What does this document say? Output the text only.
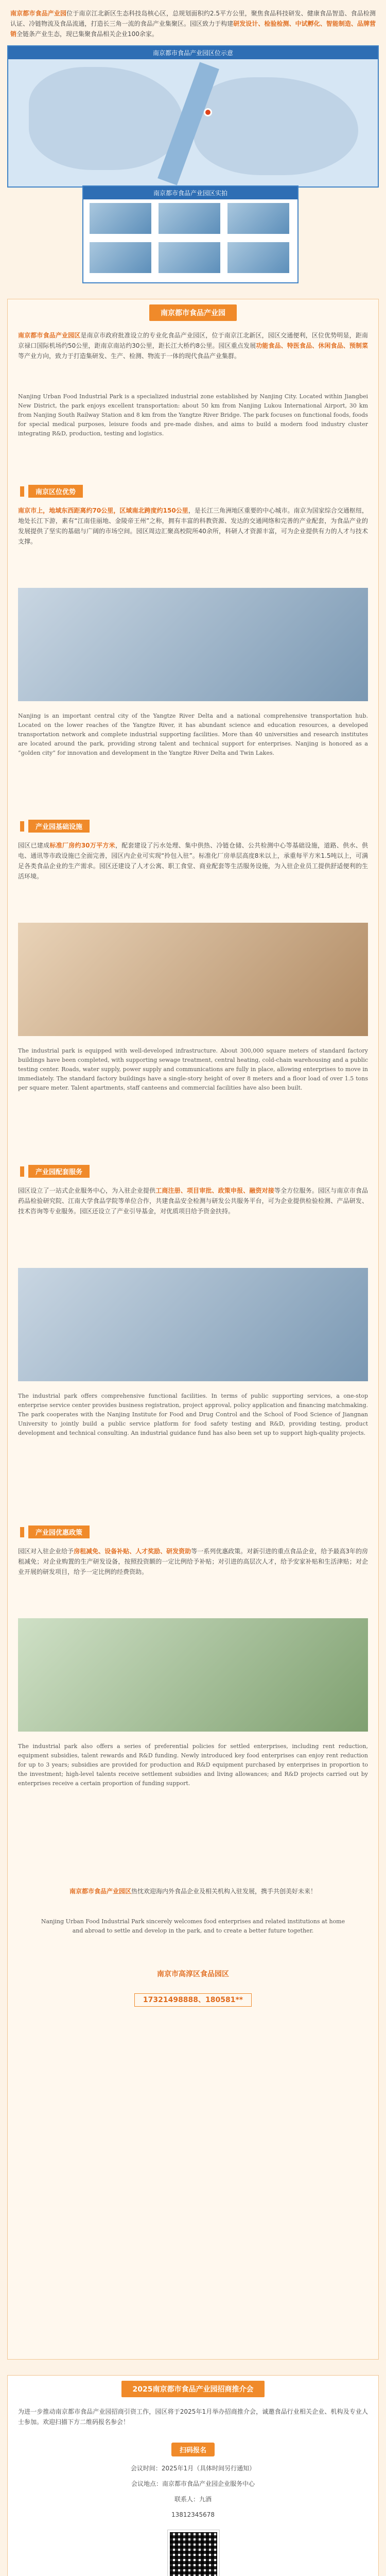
南京都市食品产业园位于南京江北新区生态科技岛核心区，总规划面积约2.5平方公里，聚焦食品科技研发、健康食品智造、食品检测认证、冷链物流及食品流通，打造长三角一流的食品产业集聚区。园区致力于构建研发设计、检验检测、中试孵化、智能制造、品牌营销全链条产业生态，现已集聚食品相关企业100余家。
南京都市食品产业园区位示意
南京都市食品产业园区实拍
南京都市食品产业园
南京都市食品产业园区是南京市政府批准设立的专业化食品产业园区，位于南京江北新区，园区交通便利，区位优势明显，距南京禄口国际机场约50公里，距南京南站约30公里，距长江大桥约8公里。园区重点发展功能食品、特医食品、休闲食品、预制菜等产业方向，致力于打造集研发、生产、检测、物流于一体的现代食品产业集群。
Nanjing Urban Food Industrial Park is a specialized industrial zone established by Nanjing City. Located within Jiangbei New District, the park enjoys excellent transportation: about 50 km from Nanjing Lukou International Airport, 30 km from Nanjing South Railway Station and 8 km from the Yangtze River Bridge. The park focuses on functional foods, foods for special medical purposes, leisure foods and pre-made dishes, and aims to build a modern food industry cluster integrating R&D, production, testing and logistics.
南京区位优势
南京市上，地域东西距离约70公里，区域南北跨度约150公里，是长江三角洲地区重要的中心城市。南京为国家综合交通枢纽，地处长江下游，素有“江南佳丽地、金陵帝王州”之称，拥有丰富的科教资源、发达的交通网络和完善的产业配套，为食品产业的发展提供了坚实的基础与广阔的市场空间。园区周边汇聚高校院所40余所，科研人才资源丰富，可为企业提供有力的人才与技术支撑。
Nanjing is an important central city of the Yangtze River Delta and a national comprehensive transportation hub. Located on the lower reaches of the Yangtze River, it has abundant science and education resources, a developed transportation network and complete industrial supporting facilities. More than 40 universities and research institutes are located around the park, providing strong talent and technical support for enterprises. Nanjing is honored as a “golden city” for innovation and development in the Yangtze River Delta and Twin Lakes.
产业园基础设施
园区已建成标准厂房约30万平方米，配套建设了污水处理、集中供热、冷链仓储、公共检测中心等基础设施，道路、供水、供电、通讯等市政设施已全面完善，园区内企业可实现“拎包入驻”。标准化厂房单层高度8米以上，承重每平方米1.5吨以上，可满足各类食品企业的生产需求。园区还建设了人才公寓、职工食堂、商业配套等生活服务设施，为入驻企业员工提供舒适便利的生活环境。
The industrial park is equipped with well-developed infrastructure. About 300,000 square meters of standard factory buildings have been completed, with supporting sewage treatment, central heating, cold-chain warehousing and a public testing center. Roads, water supply, power supply and communications are fully in place, allowing enterprises to move in immediately. The standard factory buildings have a single-story height of over 8 meters and a floor load of over 1.5 tons per square meter. Talent apartments, staff canteens and commercial facilities have also been built.
产业园配套服务
园区设立了一站式企业服务中心，为入驻企业提供工商注册、项目审批、政策申报、融资对接等全方位服务。园区与南京市食品药品检验研究院、江南大学食品学院等单位合作，共建食品安全检测与研发公共服务平台，可为企业提供检验检测、产品研发、技术咨询等专业服务。园区还设立了产业引导基金，对优质项目给予资金扶持。
The industrial park offers comprehensive functional facilities. In terms of public supporting services, a one-stop enterprise service center provides business registration, project approval, policy application and financing matchmaking. The park cooperates with the Nanjing Institute for Food and Drug Control and the School of Food Science of Jiangnan University to jointly build a public service platform for food safety testing and R&D, providing testing, product development and technical consulting. An industrial guidance fund has also been set up to support high-quality projects.
产业园优惠政策
园区对入驻企业给予房租减免、设备补贴、人才奖励、研发资助等一系列优惠政策。对新引进的重点食品企业，给予最高3年的房租减免；对企业购置的生产研发设备，按照投资额的一定比例给予补贴；对引进的高层次人才，给予安家补贴和生活津贴；对企业开展的研发项目，给予一定比例的经费资助。
The industrial park also offers a series of preferential policies for settled enterprises, including rent reduction, equipment subsidies, talent rewards and R&D funding. Newly introduced key food enterprises can enjoy rent reduction for up to 3 years; subsidies are provided for production and R&D equipment purchased by enterprises in proportion to the investment; high-level talents receive settlement subsidies and living allowances; and R&D projects carried out by enterprises receive a certain proportion of funding support.
南京都市食品产业园区热忱欢迎海内外食品企业及相关机构入驻发展，携手共创美好未来！
Nanjing Urban Food Industrial Park sincerely welcomes food enterprises and related institutions at home and abroad to settle and develop in the park, and to create a better future together.
南京市高淳区食品园区
17321498888、180581**
2025南京都市食品产业园招商推介会
为进一步推动南京都市食品产业园招商引资工作，园区将于2025年1月举办招商推介会，诚邀食品行业相关企业、机构及专业人士参加。欢迎扫描下方二维码报名参会！
扫码报名
会议时间：2025年1月（具体时间另行通知）
会议地点：南京都市食品产业园企业服务中心
联系人：九酒
13812345678
